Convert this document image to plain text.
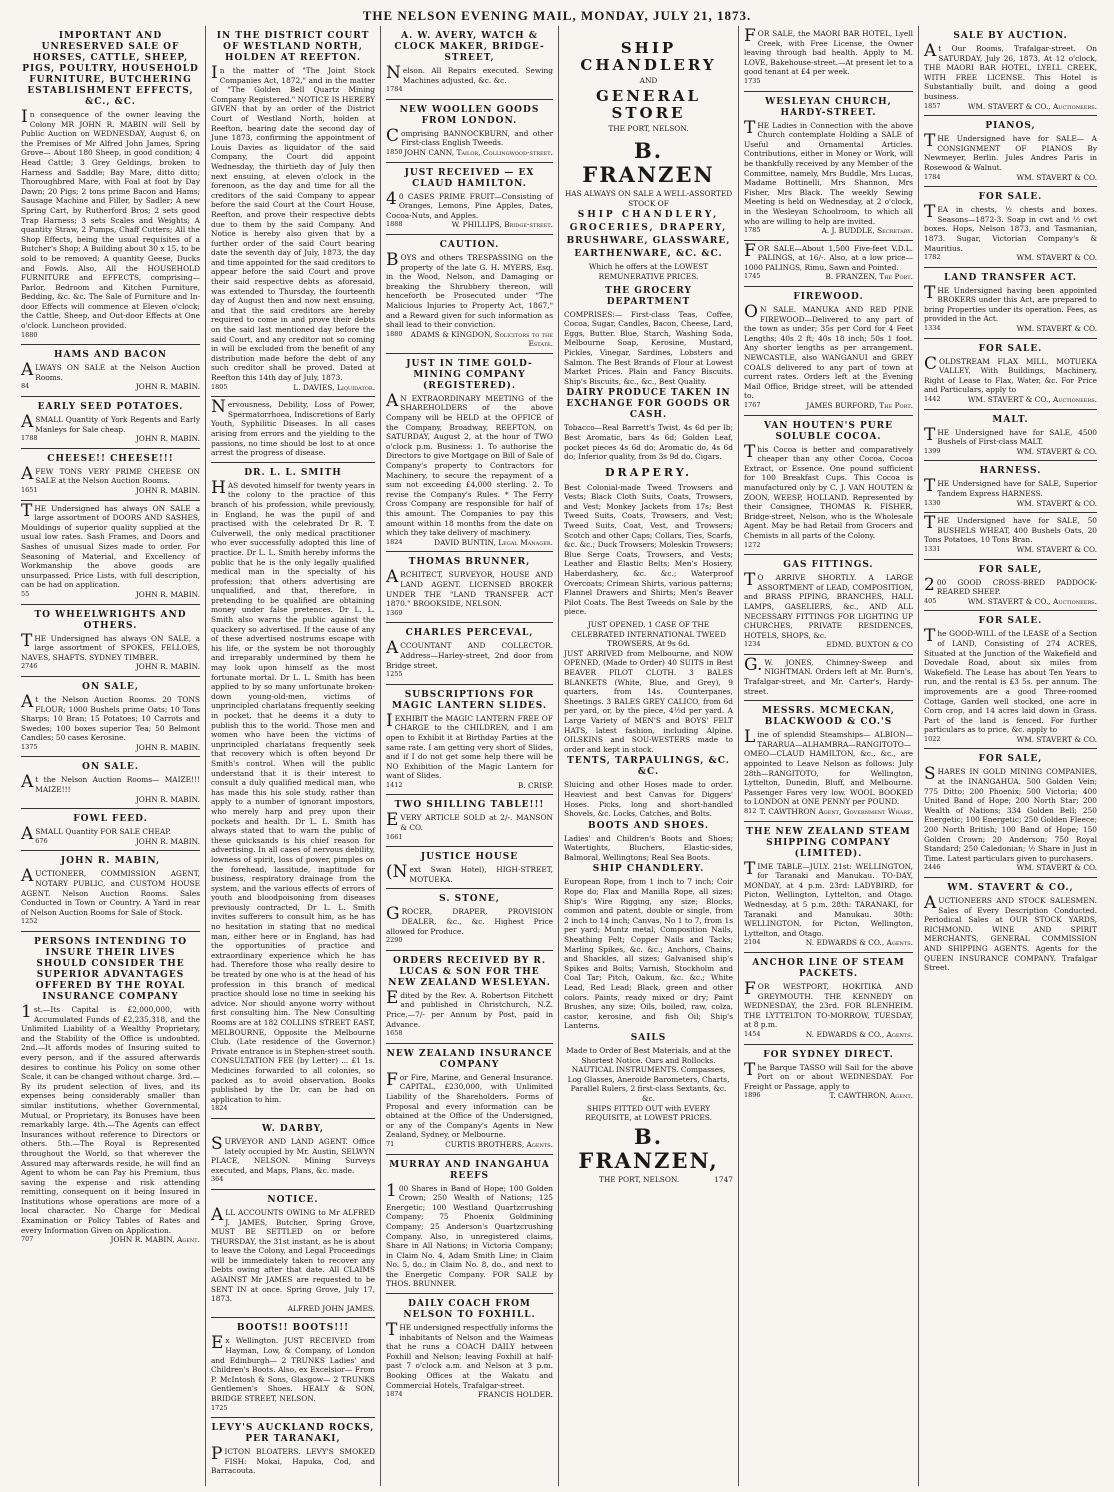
THE NELSON EVENING MAIL, MONDAY, JULY 21, 1873.
IMPORTANT AND UNRESERVED SALE OF HORSES, CATTLE, SHEEP, PIGS, POULTRY, HOUSEHOLD FURNITURE, BUTCHERING ESTABLISHMENT EFFECTS, &C., &C.
In consequence of the owner leaving the Colony MR JOHN R. MABIN will Sell by Public Auction on WEDNESDAY, August 6, on the Premises of Mr Alfred John James, Spring Grove— About 180 Sheep, in good condition; 4 Head Cattle; 3 Grey Geldings, broken to Harness and Saddle; Bay Mare, ditto ditto; Thoroughbred Mare, with Foal at foot by Day Dawn; 20 Pigs; 2 tons prime Bacon and Hams; Sausage Machine and Filler, by Sadler; A new Spring Cart, by Rutherford Bros; 2 sets good Trap Harness; 3 sets Scales and Weights; A quantity Straw, 2 Pumps, Chaff Cutters; All the Shop Effects, being the usual requisites of a Butcher's Shop; A Building about 30 x 15, to be sold to be removed; A quantity Geese, Ducks and Fowls. Also, All the HOUSEHOLD FURNITURE and EFFECTS, comprising—Parlor, Bedroom and Kitchen Furniture, Bedding, &c. &c. The Sale of Furniture and In-door Effects will commence at Eleven o'clock; the Cattle, Sheep, and Out-door Effects at One o'clock. Luncheon provided.
1880
HAMS AND BACON
ALWAYS ON SALE at the Nelson Auction Rooms.
84	JOHN R. MABIN.
EARLY SEED POTATOES.
ASMALL Quantity of York Regents and Early Manleys for Sale cheap.
1788	JOHN R. MABIN.
CHEESE!! CHEESE!!!
AFEW TONS VERY PRIME CHEESE ON SALE at the Nelson Auction Rooms.
1651	JOHN R. MABIN.
THE Undersigned has always ON SALE a large assortment of DOORS AND SASHES, Mouldings of superior quality supplied at the usual low rates. Sash Frames, and Doors and Sashes of unusual Sizes made to order. For Seasoning of Material, and Excellency of Workmanship the above goods are unsurpassed. Price Lists, with full description, can be had on application.
55	JOHN R. MABIN.
TO WHEELWRIGHTS AND OTHERS.
THE Undersigned has always ON SALE, a large assortment of SPOKES, FELLOES, NAVES, SHAFTS. SYDNEY TIMBER.
2746	JOHN R. MABIN.
ON SALE,
At the Nelson Auction Rooms. 20 TONS FLOUR; 1000 Bushels prime Oats; 10 Tons Sharps; 10 Bran; 15 Potatoes; 10 Carrots and Swedes; 100 boxes superior Tea; 50 Belmont Candles; 50 cases Kerosine.
1375	JOHN R. MABIN.
ON SALE.
At the Nelson Auction Rooms— MAIZE!!! MAIZE!!!
JOHN R. MABIN.
FOWL FEED.
ASMALL Quantity FOR SALE CHEAP.
676	JOHN R. MABIN.
JOHN R. MABIN,
AUCTIONEER, COMMISSION AGENT, NOTARY PUBLIC, and CUSTOM HOUSE AGENT. Nelson Auction Rooms. Sales Conducted in Town or Country. A Yard in rear of Nelson Auction Rooms for Sale of Stock.
1252
PERSONS INTENDING TO INSURE THEIR LIVES SHOULD CONSIDER THE SUPERIOR ADVANTAGES OFFERED BY THE ROYAL INSURANCE COMPANY
1st.—Its Capital is £2,000,000, with Accumulated Funds of £2,235,318, and the Unlimited Liability of a Wealthy Proprietary, and the Stability of the Office is undoubted. 2nd.—It affords modes of Insuring suited to every person, and if the assured afterwards desires to continue his Policy on some other Scale, it can be changed without charge. 3rd.—By its prudent selection of lives, and its expenses being considerably smaller than similar institutions, whether Governmental, Mutual, or Proprietary, its Bonuses have been remarkably large. 4th.—The Agents can effect Insurances without reference to Directors or others. 5th.—The Royal is Represented throughout the World, so that wherever the Assured may afterwards reside, he will find an Agent to whom he can Pay his Premium, thus saving the expense and risk attending remitting, consequent on it being Insured in Institutions whose operations are more of a local character. No Charge for Medical Examination or Policy Tables of Rates and every Information Given on Application.
707	JOHN R. MABIN, Agent.
IN THE DISTRICT COURT OF WESTLAND NORTH, HOLDEN AT REEFTON.
In the matter of "The Joint Stock Companies Act, 1872," and in the matter of "The Golden Bell Quartz Mining Company Registered." NOTICE IS HEREBY GIVEN that by an order of the District Court of Westland North, holden at Reefton, bearing date the second day of June 1873, confirming the appointment of Louis Davies as liquidator of the said Company, the Court did appoint Wednesday, the thirtieth day of July then next ensuing, at eleven o'clock in the forenoon, as the day and time for all the creditors of the said Company to appear before the said Court at the Court House, Reefton, and prove their respective debts due to them by the said Company. And Notice is hereby also given that by a further order of the said Court bearing date the seventh day of July, 1873, the day and time appointed for the said creditors to appear before the said Court and prove their said respective debts as aforesaid, was extended to Thursday, the fourteenth day of August then and now next ensuing, and that the said creditors are hereby required to come in and prove their debts on the said last mentioned day before the said Court, and any creditor not so coming in will be excluded from the benefit of any distribution made before the debt of any such creditor shall be proved. Dated at Reefton this 14th day of July, 1873.
1805	L. DAVIES, Liquidator.
Nervousness, Debility, Loss of Power, Spermatorrhoea, Indiscretions of Early Youth, Syphilitic Diseases. In all cases arising from errors and the yielding to the passions, no time should be lost to at once arrest the progress of disease.
DR. L. L. SMITH
HAS devoted himself for twenty years in the colony to the practice of this branch of his profession, while previously, in England, he was the pupil of and practised with the celebrated Dr R. T. Culverwell, the only medical practitioner who ever successfully adopted this line of practice. Dr L. L. Smith hereby informs the public that he is the only legally qualified medical man in the specialty of his profession; that others advertising are unqualified, and that, therefore, in pretending to be qualified are obtaining money under false pretences. Dr L. L. Smith also warns the public against the quackery so advertised. If the cause of any of these advertised nostrums escape with his life, or the system be not thoroughly and irreparably undermined by them he may look upon himself as the most fortunate mortal. Dr L. L. Smith has been applied to by so many unfortunate broken-down young-old-men, victims of unprincipled charlatans frequently seeking in pocket, that he deems it a duty to publish this to the world. Those men and women who have been the victims of unprincipled charlatans frequently seek that recovery which is often beyond Dr Smith's control. When will the public understand that it is their interest to consult a duly qualified medical man, who has made this his sole study, rather than apply to a number of ignorant impostors, who merely harp and prey upon their pockets and health. Dr L. L. Smith has always stated that to warn the public of these quicksands is his chief reason for advertising. In all cases of nervous debility, lowness of spirit, loss of power, pimples on the forehead, lassitude, inaptitude for business, respiratory drainage from the system, and the various effects of errors of youth and bloodpoisoning from diseases previously contracted, Dr L. L. Smith invites sufferers to consult him, as he has no hesitation in stating that no medical man, either here or in England, has had the opportunities of practice and extraordinary experience which he has had. Therefore those who really desire to be treated by one who is at the head of his profession in this branch of medical practice should lose no time in seeking his advice. Nor should anyone worry without first consulting him. The New Consulting Rooms are at 182 COLLINS STREET EAST, MELBOURNE, Opposite the Melbourne Club. (Late residence of the Governor.) Private entrance is in Stephen-street south. CONSULTATION FEE (by Letter) ... £1 1s. Medicines forwarded to all colonies, so packed as to avoid observation. Books published by the Dr. can be had on application to him.
1824
W. DARBY,
SURVEYOR AND LAND AGENT. Office lately occupied by Mr. Austin, SELWYN PLACE, NELSON. Mining Surveys executed, and Maps, Plans, &c. made.
364
NOTICE.
ALL ACCOUNTS OWING to Mr ALFRED J. JAMES, Butcher, Spring Grove, MUST BE SETTLED on or before THURSDAY, the 31st instant, as he is about to leave the Colony, and Legal Proceedings will be immediately taken to recover any Debts owing after that date. All CLAIMS AGAINST Mr JAMES are requested to be SENT IN at once. Spring Grove, July 17, 1873.
ALFRED JOHN JAMES.
BOOTS!! BOOTS!!!
Ex Wellington. JUST RECEIVED from Hayman, Low, & Company, of London and Edinburgh— 2 TRUNKS Ladies' and Children's Boots. Also, ex Excelsior— From P. McIntosh & Sons, Glasgow— 2 TRUNKS Gentlemen's Shoes. HEALY & SON, BRIDGE STREET, NELSON.
1725
LEVY'S AUCKLAND ROCKS, PER TARANAKI,
PICTON BLOATERS. LEVY'S SMOKED FISH: Mokai, Hapuka, Cod, and Barracouta.
A. W. AVERY, WATCH & CLOCK MAKER, BRIDGE-STREET,
Nelson. All Repairs executed. Sewing Machines adjusted, &c. &c.
1784
NEW WOOLLEN GOODS FROM LONDON.
Comprising BANNOCKBURN, and other First-class English Tweeds.
1850 JOHN CANN, Tailor, Collingwood-street.
JUST RECEIVED — EX CLAUD HAMILTON.
40 CASES PRIME FRUIT—Consisting of Oranges, Lemons, Pine Apples, Dates, Cocoa-Nuts, and Apples.
1888	W. PHILLIPS, Bridge-street.
CAUTION.
BOYS and others TRESPASSING on the property of the late G. H. MYERS, Esq. in the Wood, Nelson, and Damaging or breaking the Shrubbery thereon, will henceforth be Prosecuted under "The Malicious Injuries to Property Act, 1867," and a Reward given for such information as shall lead to their conviction.
1880	ADAMS & KINGDON, Solicitors to the Estate.
JUST IN TIME GOLD-MINING COMPANY (REGISTERED).
AN EXTRAORDINARY MEETING of the SHAREHOLDERS of the above Company will be HELD at the OFFICE of the Company, Broadway, REEFTON, on SATURDAY, August 2, at the hour of TWO o'clock p.m. Business: 1. To authorise the Directors to give Mortgage on Bill of Sale of Company's property to Contractors for Machinery, to secure the repayment of a sum not exceeding £4,000 sterling. 2. To revise the Company's Rules. * The Ferry Cross Company are responsible for half of this amount. The Companies to pay this amount within 18 months from the date on which they take delivery of machinery.
1824	DAVID BUNTIN, Legal Manager.
THOMAS BRUNNER,
ARCHITECT, SURVEYOR, HOUSE AND LAND AGENT. LICENSED BROKER UNDER THE "LAND TRANSFER ACT 1870." BROOKSIDE, NELSON.
1369
CHARLES PERCEVAL,
ACCOUNTANT AND COLLECTOR. Address—Harley-street, 2nd door from Bridge street.
1255
SUBSCRIPTIONS FOR MAGIC LANTERN SLIDES.
IEXHIBIT the MAGIC LANTERN FREE OF CHARGE to the CHILDREN, and I am open to Exhibit it at Birthday Parties at the same rate. I am getting very short of Slides, and if I do not get some help there will be NO Exhibition of the Magic Lantern for want of Slides.
1412	B. CRISP.
TWO SHILLING TABLE!!!
EVERY ARTICLE SOLD at 2/-. MANSON & CO.
1661
JUSTICE HOUSE
(Next Swan Hotel), HIGH-STREET, MOTUEKA.
S. STONE,
GROCER, DRAPER, PROVISION DEALER, &c., &c. Highest Price allowed for Produce.
2290
ORDERS RECEIVED BY R. LUCAS & SON FOR THE NEW ZEALAND WESLEYAN.
Edited by the Rev. A. Robertson Fitchett and published in Christchurch, N.Z. Price,—7/- per Annum by Post, paid in Advance.
1658
NEW ZEALAND INSURANCE COMPANY
For Fire, Marine, and General Insurance. CAPITAL, £230,000, with Unlimited Liability of the Shareholders. Forms of Proposal and every information can be obtained at the Office of the Undersigned, or any of the Company's Agents in New Zealand, Sydney, or Melbourne.
71	CURTIS BROTHERS, Agents.
MURRAY AND INANGAHUA REEFS
100 Shares in Band of Hope; 100 Golden Crown; 250 Wealth of Nations; 125 Energetic; 100 Westland Quartzcrushing Company; 75 Phoenix Goldmining Company; 25 Anderson's Quartzcrushing Company. Also, in unregistered claims, Share in All Nations; in Victoria Company; in Claim No. 4, Adam Smith Line; in Claim No. 5, do.; in Claim No. 8, do., and next to the Energetic Company. FOR SALE by THOS. BRUNNER.
DAILY COACH FROM NELSON TO FOXHILL.
THE undersigned respectfully informs the inhabitants of Nelson and the Waimeas that he runs a COACH DAILY between Foxhill and Nelson; leaving Foxhill at half-past 7 o'clock a.m. and Nelson at 3 p.m. Booking Offices at the Wakatu and Commercial Hotels, Trafalgar-street.
1874	FRANCIS HOLDER.
SHIP CHANDLERY
AND
GENERAL STORE
THE PORT, NELSON.
B. FRANZEN
HAS ALWAYS ON SALE A WELL-ASSORTED STOCK OF
SHIP CHANDLERY,
GROCERIES, DRAPERY,
BRUSHWARE, GLASSWARE,
EARTHENWARE, &C. &C.
Which he offers at the LOWEST REMUNERATIVE PRICES.
THE GROCERY DEPARTMENT
COMPRISES:— First-class Teas, Coffee, Cocoa, Sugar, Candles, Bacon, Cheese, Lard, Eggs, Butter. Blue, Starch, Washing Soda, Melbourne Soap, Kerosine, Mustard, Pickles, Vinegar, Sardines, Lobsters and Salmon. The Best Brands of Flour at Lowest Market Prices. Plain and Fancy Biscuits. Ship's Biscuits, &c., &c., Best Quality.
DAIRY PRODUCE TAKEN IN EXCHANGE FOR GOODS OR CASH.
Tobacco—Real Barrett's Twist, 4s 6d per lb; Best Aromatic, bars 4s 6d; Golden Leaf, pocket pieces 4s 6d do; Aromatic do, 4s 6d do; Inferior quality, from 3s 9d do. Cigars.
DRAPERY.
Best Colonial-made Tweed Trowsers and Vests; Black Cloth Suits, Coats, Trowsers, and Vest; Monkey Jackets from 17s; Best Tweed Suits, Coats, Trowsers, and Vest; Tweed Suits, Coat, Vest, and Trowsers; Scotch and other Caps; Collars, Ties, Scarfs, &c. &c.; Duck Trowsers; Moleskin Trowsers; Blue Serge Coats, Trowsers, and Vests; Leather and Elastic Belts; Men's Hosiery, Haberdashery, &c. &c.; Waterproof Overcoats; Crimean Shirts, various patterns; Flannel Drawers and Shirts; Men's Beaver Pilot Coats. The Best Tweeds on Sale by the piece.
JUST OPENED, 1 CASE OF THE CELEBRATED INTERNATIONAL TWEED TROWSERS, At 9s 6d.
JUST ARRIVED from Melbourne, and NOW OPENED, (Made to Order) 40 SUITS in Best BEAVER PILOT CLOTH. 3 BALES BLANKETS (White, Blue, and Grey), 9 quarters, from 14s. Counterpanes, Sheetings. 3 BALES GREY CALICO, from 6d per yard, or, by the piece, 4½d per yard. A Large Variety of MEN'S and BOYS' FELT HATS, latest fashion, including Alpine. OILSKINS and SOU-WESTERS made to order and kept in stock.
TENTS, TARPAULINGS, &C. &C.
Sluicing and other Hoses made to order. Heaviest and best Canvas for Diggers' Hoses. Picks, long and short-handled Shovels, &c. Locks, Catches, and Bolts.
BOOTS AND SHOES.
Ladies' and Children's Boots and Shoes; Watertights, Bluchers, Elastic-sides, Balmoral, Wellingtons; Real Sea Boots.
SHIP CHANDLERY.
European Rope, from 1 inch to 7 inch; Coir Rope do; Flax and Manilla Rope, all sizes; Ship's Wire Rigging, any size; Blocks, common and patent, double or single, from 2 inch to 14 inch; Canvas, No 1 to 7, from 1s per yard; Muntz metal, Composition Nails, Sheathing Felt; Copper Nails and Tacks; Marling Spikes, &c. &c.; Anchors, Chains, and Shackles, all sizes; Galvanised ship's Spikes and Bolts; Varnish, Stockholm and Coal Tar; Pitch, Oakum, &c. &c.; White Lead, Red Lead; Black, green and other colors. Paints, ready mixed or dry; Paint Brushes, any size; Oils, boiled, raw, colza, castor, kerosine, and fish Oil; Ship's Lanterns.
SAILS
Made to Order of Best Materials, and at the Shortest Notice. Oars and Rollocks.
NAUTICAL INSTRUMENTS. Compasses, Log Glasses, Aneroide Barometers, Charts, Parallel Rulers, 2 first-class Sextants, &c. &c.
SHIPS FITTED OUT with EVERY REQUISITE, at LOWEST PRICES.
B. FRANZEN,
THE PORT, NELSON.	1747
FOR SALE, the MAORI BAR HOTEL, Lyell Creek, with Free License, the Owner leaving through bad health. Apply to M. LOVE, Bakehouse-street.—At present let to a good tenant at £4 per week.
1735
WESLEYAN CHURCH, HARDY-STREET.
THE Ladies in Connection with the above Church contemplate Holding a SALE of Useful and Ornamental Articles. Contributions, either in Money or Work, will be thankfully received by any Member of the Committee, namely, Mrs Buddle, Mrs Lucas, Madame Bottinelli, Mrs Shannon, Mrs Fisher, Mrs Black. The weekly Sewing Meeting is held on Wednesday, at 2 o'clock, in the Wesleyan Schoolroom, to which all who are willing to help are invited.
1785	A. J. BUDDLE, Secretary.
FOR SALE—About 1,500 Five-feet V.D.L. PALINGS, at 16/-. Also, at a low price—1000 PALINGS, Rimu, Sawn and Pointed.
1745	B. FRANZEN, The Port.
FIREWOOD.
ON SALE. MANUKA AND RED PINE FIREWOOD—Delivered to any part of the town as under; 35s per Cord for 4 Feet Lengths; 40s 2 ft; 40s 18 inch; 50s 1 foot. Any shorter lengths as per arrangement. NEWCASTLE, also WANGANUI and GREY COALS delivered to any part of town at current rates. Orders left at the Evening Mail Office, Bridge street, will be attended to.
1767	JAMES BURFORD, The Port.
VAN HOUTEN'S PURE SOLUBLE COCOA.
This Cocoa is better and comparatively cheaper than any other Cocoa, Cocoa Extract, or Essence. One pound sufficient for 100 Breakfast Cups. This Cocoa is manufactured only by C. J. VAN HOUTEN & ZOON, WEESP, HOLLAND. Represented by their Consignee, THOMAS R. FISHER, Bridge-street, Nelson, who is the Wholesale Agent. May be had Retail from Grocers and Chemists in all parts of the Colony.
1272
GAS FITTINGS.
TO ARRIVE SHORTLY. A LARGE ASSORTMENT of LEAD, COMPOSITION, and BRASS PIPING, BRANCHES, HALL LAMPS, GASELIERS, &c., AND ALL NECESSARY FITTINGS FOR LIGHTING UP CHURCHES, PRIVATE RESIDENCES, HOTELS, SHOPS, &c.
1234	EDMD. BUXTON & CO
G.W. JONES, Chimney-Sweep and NIGHTMAN. Orders left at Mr. Burn's, Trafalgar-street, and Mr. Carter's, Hardy-street.
MESSRS. MCMECKAN, BLACKWOOD & CO.'S
Line of splendid Steamships— ALBION—TARARUA—ALHAMBRA—RANGITOTO—OMEO—CLAUD HAMILTON, &c., &c., are appointed to Leave Nelson as follows: July 28th—RANGITOTO, for Wellington, Lyttelton, Dunedin, Bluff, and Melbourne. Passenger Fares very low. WOOL BOOKED to LONDON at ONE PENNY per POUND.
812 T. CAWTHRON Agent, Government Wharf.
THE NEW ZEALAND STEAM SHIPPING COMPANY (LIMITED).
TIME TABLE—JULY. 21st: WELLINGTON, for Taranaki and Manukau. TO-DAY, MONDAY, at 4 p.m. 23rd: LADYBIRD, for Picton, Wellington, Lyttelton, and Otago. Wednesday, at 5 p.m. 28th: TARANAKI, for Taranaki and Manukau. 30th: WELLINGTON, for Picton, Wellington, Lyttelton, and Otago.
2104	N. EDWARDS & CO., Agents.
ANCHOR LINE OF STEAM PACKETS.
FOR WESTPORT, HOKITIKA AND GREYMOUTH. THE KENNEDY on WEDNESDAY, the 23rd. FOR BLENHEIM. THE LYTTELTON TO-MORROW, TUESDAY, at 8 p.m.
1454	N. EDWARDS & CO., Agents.
FOR SYDNEY DIRECT.
The Barque TASSO will Sail for the above Port on or about WEDNESDAY. For Freight or Passage, apply to
1896	T. CAWTHRON, Agent.
SALE BY AUCTION.
At Our Rooms, Trafalgar-street. On SATURDAY, July 26, 1873, At 12 o'clock, THE MAORI BAR HOTEL, LYELL CREEK, WITH FREE LICENSE. This Hotel is Substantially built, and doing a good business.
1857	WM. STAVERT & CO., Auctioneers.
PIANOS,
THE Undersigned have for SALE— A CONSIGNMENT OF PIANOS By Newmeyer, Berlin. Jules Andres Paris in Rosewood & Walnut.
1784	WM. STAVERT & CO.
FOR SALE.
TEA in chests, ½ chests and boxes. Seasons—1872-3. Soap in cwt and ½ cwt boxes. Hops, Nelson 1873, and Tasmanian, 1873. Sugar, Victorian Company's & Mauritius.
1782	WM. STAVERT & CO.
LAND TRANSFER ACT.
THE Undersigned having been appointed BROKERS under this Act, are prepared to bring Properties under its operation. Fees, as provided in the Act.
1334	WM. STAVERT & CO.
FOR SALE.
COLDSTREAM FLAX MILL, MOTUEKA VALLEY, With Buildings, Machinery, Right of Lease to Flax, Water, &c. For Price and Particulars, apply to
1442	WM. STAVERT & CO., Auctioneers.
MALT.
THE Undersigned have for SALE, 4500 Bushels of First-class MALT.
1399	WM. STAVERT & CO.
HARNESS.
THE Undersigned have for SALE, Superior Tandem Express HARNESS.
1330	WM. STAVERT & CO.
THE Undersigned have for SALE, 50 BUSHELS WHEAT, 400 Bushels Oats, 20 Tons Potatoes, 10 Tons Bran.
1331	WM. STAVERT & CO.
FOR SALE,
200 GOOD CROSS-BRED PADDOCK-REARED SHEEP.
405	WM. STAVERT & CO., Auctioneers.
FOR SALE.
The GOOD-WILL of the LEASE of a Section of LAND, Consisting of 274 ACRES, Situated at the Junction of the Wakefield and Dovedale Road, about six miles from Wakefield. The Lease has about Ten Years to run, and the rental is £3 5s. per annum. The improvements are a good Three-roomed Cottage, Garden well stocked, one acre in Corn crop, and 14 acres laid down in Grass. Part of the land is fenced. For further particulars as to price, &c. apply to
1022	WM. STAVERT & CO.
FOR SALE,
SHARES IN GOLD MINING COMPANIES, at the INANGAHUA. 500 Golden Vein; 775 Ditto; 200 Phoenix; 500 Victoria; 400 United Band of Hope; 200 North Star; 200 Wealth of Nations; 334 Golden Bell; 250 Energetic; 100 Energetic; 250 Golden Fleece; 200 North British; 100 Band of Hope; 150 Golden Crown; 20 Anderson; 750 Royal Standard; 250 Caledonian; ½ Share in Just in Time. Latest particulars given to purchasers.
2446	WM. STAVERT & CO.
WM. STAVERT & CO.,
AUCTIONEERS AND STOCK SALESMEN. Sales of Every Description Conducted. Periodical Sales at OUR STOCK YARDS, RICHMOND. WINE AND SPIRIT MERCHANTS, GENERAL COMMISSION AND SHIPPING AGENTS. Agents for the QUEEN INSURANCE COMPANY. Trafalgar Street.
